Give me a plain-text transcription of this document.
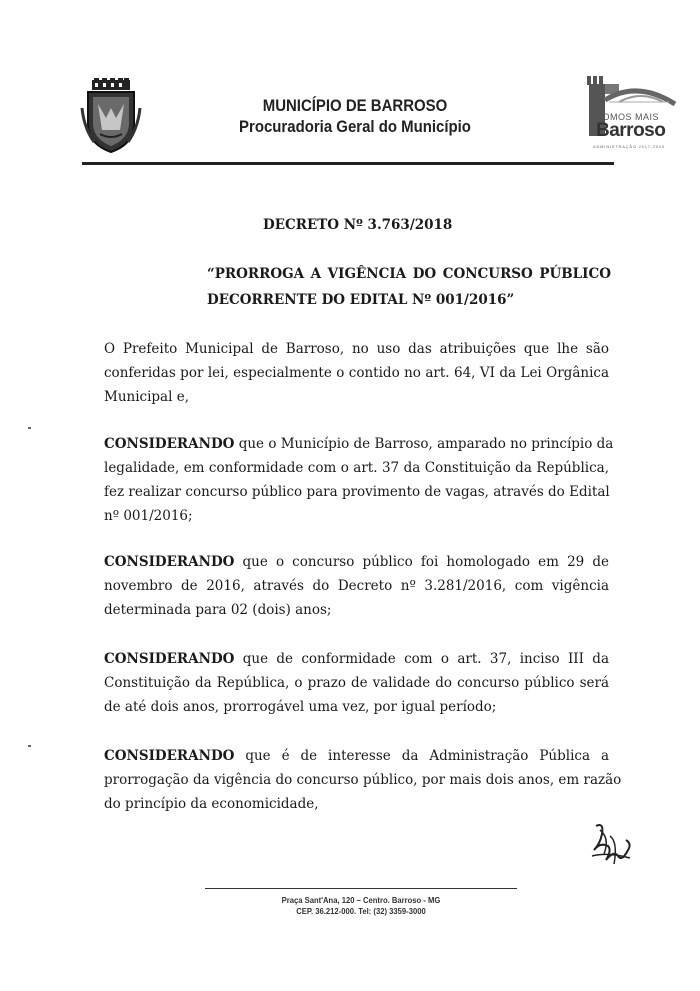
MUNICÍPIO DE BARROSO
Procuradoria Geral do Município	SOMOS MAIS
Barroso
ADMINISTRAÇÃO 2017-2020
DECRETO Nº 3.763/2018
“PRORROGA A VIGÊNCIA DO CONCURSO PÚBLICO
DECORRENTE DO EDITAL Nº 001/2016”
O Prefeito Municipal de Barroso, no uso das atribuições que lhe são
conferidas por lei, especialmente o contido no art. 64, VI da Lei Orgânica
Municipal e,
CONSIDERANDO que o Município de Barroso, amparado no princípio da
legalidade, em conformidade com o art. 37 da Constituição da República,
fez realizar concurso público para provimento de vagas, através do Edital
nº 001/2016;
CONSIDERANDO que o concurso público foi homologado em 29 de
novembro de 2016, através do Decreto nº 3.281/2016, com vigência
determinada para 02 (dois) anos;
CONSIDERANDO que de conformidade com o art. 37, inciso III da
Constituição da República, o prazo de validade do concurso público será
de até dois anos, prorrogável uma vez, por igual período;
CONSIDERANDO que é de interesse da Administração Pública a
prorrogação da vigência do concurso público, por mais dois anos, em razão
do princípio da economicidade,
Praça Sant'Ana, 120 – Centro. Barroso - MG
CEP. 36.212-000. Tel: (32) 3359-3000
